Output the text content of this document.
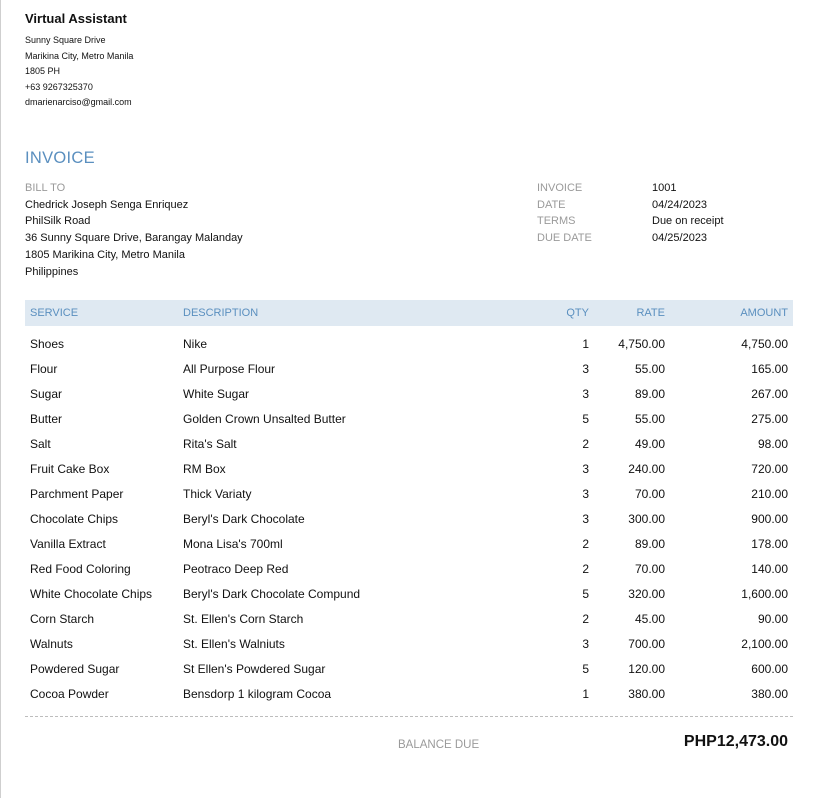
Virtual Assistant
Sunny Square Drive
Marikina City, Metro Manila
1805 PH
+63 9267325370
dmarienarciso@gmail.com
INVOICE
BILL TO
Chedrick Joseph Senga Enriquez
PhilSilk Road
36 Sunny Square Drive, Barangay Malanday
1805 Marikina City, Metro Manila
Philippines
INVOICE	1001
DATE	04/24/2023
TERMS	Due on receipt
DUE DATE	04/25/2023
SERVICE	DESCRIPTION	QTY	RATE	AMOUNT
Shoes	Nike	1	4,750.00	4,750.00
Flour	All Purpose Flour	3	55.00	165.00
Sugar	White Sugar	3	89.00	267.00
Butter	Golden Crown Unsalted Butter	5	55.00	275.00
Salt	Rita's Salt	2	49.00	98.00
Fruit Cake Box	RM Box	3	240.00	720.00
Parchment Paper	Thick Variaty	3	70.00	210.00
Chocolate Chips	Beryl's Dark Chocolate	3	300.00	900.00
Vanilla Extract	Mona Lisa's 700ml	2	89.00	178.00
Red Food Coloring	Peotraco Deep Red	2	70.00	140.00
White Chocolate Chips	Beryl's Dark Chocolate Compund	5	320.00	1,600.00
Corn Starch	St. Ellen's Corn Starch	2	45.00	90.00
Walnuts	St. Ellen's Walniuts	3	700.00	2,100.00
Powdered Sugar	St Ellen's Powdered Sugar	5	120.00	600.00
Cocoa Powder	Bensdorp 1 kilogram Cocoa	1	380.00	380.00
BALANCE DUE	PHP12,473.00
